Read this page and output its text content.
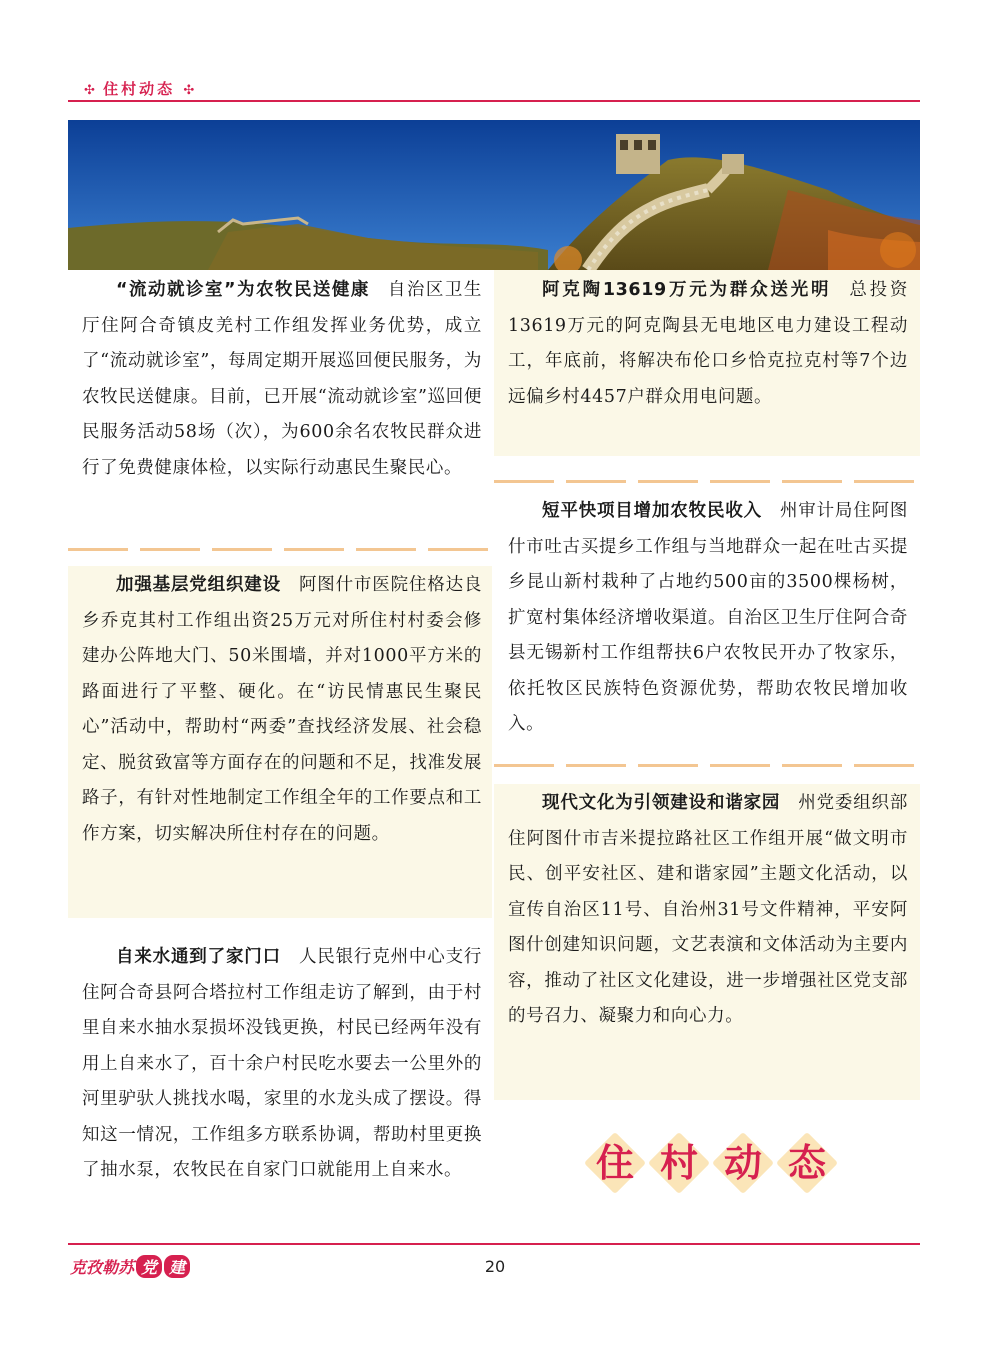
✣ 住村动态 ✣

“流动就诊室”为农牧民送健康 自治区卫生厅住阿合奇镇皮羌村工作组发挥业务优势，成立了“流动就诊室”，每周定期开展巡回便民服务，为农牧民送健康。目前，已开展“流动就诊室”巡回便民服务活动58场（次），为600余名农牧民群众进行了免费健康体检，以实际行动惠民生聚民心。

加强基层党组织建设 阿图什市医院住格达良乡乔克其村工作组出资25万元对所住村村委会修建办公阵地大门、50米围墙，并对1000平方米的路面进行了平整、硬化。在“访民情惠民生聚民心”活动中，帮助村“两委”查找经济发展、社会稳定、脱贫致富等方面存在的问题和不足，找准发展路子，有针对性地制定工作组全年的工作要点和工作方案，切实解决所住村存在的问题。

自来水通到了家门口 人民银行克州中心支行住阿合奇县阿合塔拉村工作组走访了解到，由于村里自来水抽水泵损坏没钱更换，村民已经两年没有用上自来水了，百十余户村民吃水要去一公里外的河里驴驮人挑找水喝，家里的水龙头成了摆设。得知这一情况，工作组多方联系协调，帮助村里更换了抽水泵，农牧民在自家门口就能用上自来水。

阿克陶13619万元为群众送光明 总投资13619万元的阿克陶县无电地区电力建设工程动工，年底前，将解决布伦口乡恰克拉克村等7个边远偏乡村4457户群众用电问题。

短平快项目增加农牧民收入 州审计局住阿图什市吐古买提乡工作组与当地群众一起在吐古买提乡昆山新村栽种了占地约500亩的3500棵杨树，扩宽村集体经济增收渠道。自治区卫生厅住阿合奇县无锡新村工作组帮扶6户农牧民开办了牧家乐，依托牧区民族特色资源优势，帮助农牧民增加收入。

现代文化为引领建设和谐家园 州党委组织部住阿图什市吉米提拉路社区工作组开展“做文明市民、创平安社区、建和谐家园”主题文化活动，以宣传自治区11号、自治州31号文件精神，平安阿图什创建知识问题，文艺表演和文体活动为主要内容，推动了社区文化建设，进一步增强社区党支部的号召力、凝聚力和向心力。

住 村 动 态
克孜勒苏 党 建	20
